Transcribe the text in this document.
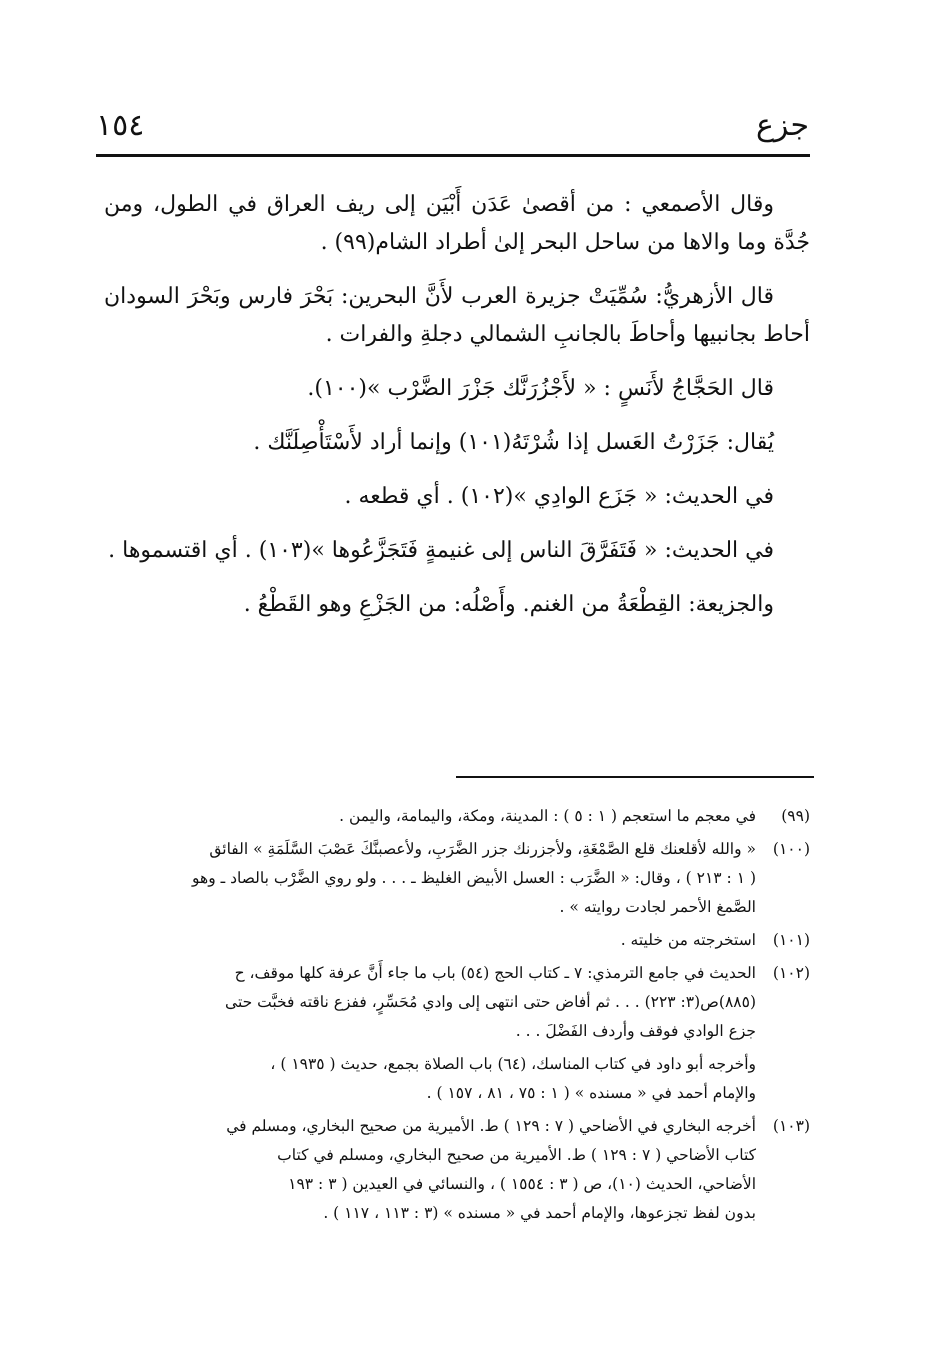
جزع
١٥٤

وقال الأصمعي : من أقصىٰ عَدَن أَبْيَن إلى ريف العراق في الطول، ومن جُدَّة وما والاها من ساحل البحر إلىٰ أطراد الشام(٩٩) .

قال الأزهريُّ: سُمِّيَتْ جزيرة العرب لأَنَّ البحرين: بَحْرَ فارس وبَحْرَ السودان أحاط بجانبيها وأحاطَ بالجانبِ الشمالي دجلةِ والفرات .

قال الحَجَّاجُ لأَنَسٍ : « لأَجْزُرَنَّك جَزْرَ الضَّرْب »(١٠٠).

يُقال: جَزَرْتُ العَسل إذا شُرْتَهُ(١٠١) وإنما أراد لأَسْتَأْصِلَنَّك .

في الحديث: « جَزَع الوادِي »(١٠٢) . أي قطعه .

في الحديث: « فَتَفَرَّقَ الناس إلى غنيمةٍ فَتَجَزَّعُوها »(١٠٣) . أي اقتسموها .

والجزيعة: القِطْعَةُ من الغنم. وأَصْلُه: من الجَزْعِ وهو القَطْعُ .

(٩٩)في معجم ما استعجم ( ١ : ٥ ) : المدينة، ومكة، واليمامة، واليمن .
(١٠٠)« والله لأقلعنك قلع الصَّمْغَةِ، ولأجزرنك جزر الضَّرَبِ، ولأعصبنَّكَ عَصْبَ السَّلَمَةِ » الفائق
( ١ : ٢١٣ ) ، وقال: « الضَّرَب : العسل الأبيض الغليظ ـ . . . ولو روي الضَّرْب بالصاد ـ وهو
الصَّمغ الأحمر لجادت روايته » .
(١٠١)استخرجته من خليته .
(١٠٢)الحديث في جامع الترمذي: ٧ ـ كتاب الحج (٥٤) باب ما جاء أَنَّ عرفة كلها موقف، ح
(٨٨٥)ص(٣: ٢٢٣) . . . ثم أفاض حتى انتهى إلى وادي مُحَسِّرٍ، ففزع ناقته فخبَّت حتى
جزع الوادي فوقف وأردف الفَضْلَ . . .
وأخرجه أبو داود في كتاب المناسك، (٦٤) باب الصلاة بجمع، حديث ( ١٩٣٥ ) ،
والإمام أحمد في « مسنده » ( ١ : ٧٥ ، ٨١ ، ١٥٧ ) .
(١٠٣)أخرجه البخاري في الأضاحي ( ٧ : ١٢٩ ) ط. الأميرية من صحيح البخاري، ومسلم في
كتاب الأضاحي ( ٧ : ١٢٩ ) ط. الأميرية من صحيح البخاري، ومسلم في كتاب
الأضاحي، الحديث (١٠)، ص ( ٣ : ١٥٥٤ ) ، والنسائي في العيدين ( ٣ : ١٩٣
بدون لفظ تجزعوها، والإمام أحمد في « مسنده » (٣ : ١١٣ ، ١١٧ ) .
